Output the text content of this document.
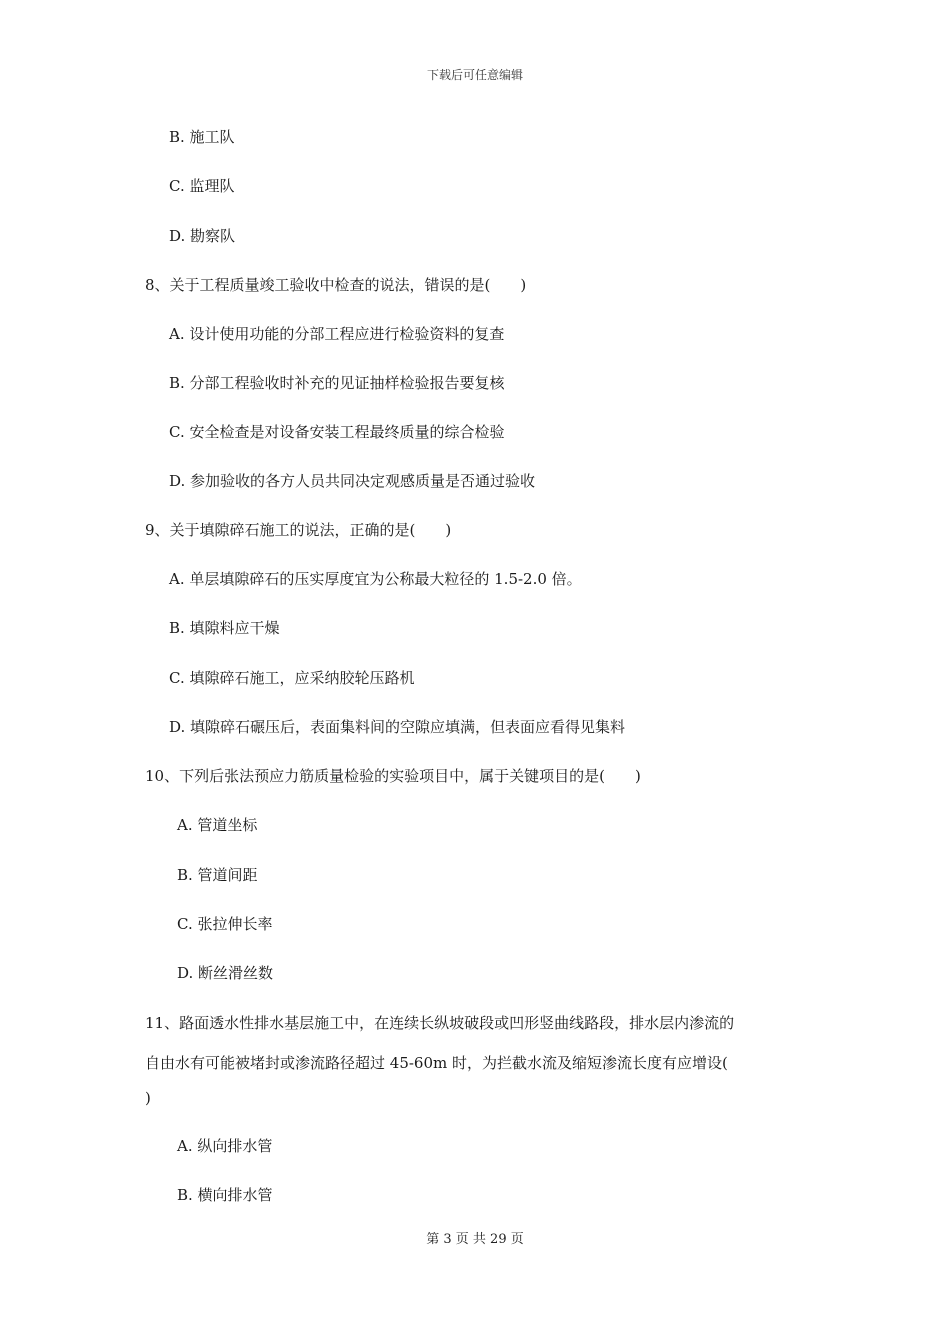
下载后可任意编辑
B. 施工队
C. 监理队
D. 勘察队
8、关于工程质量竣工验收中检查的说法，错误的是(　　)
A. 设计使用功能的分部工程应进行检验资料的复查
B. 分部工程验收时补充的见证抽样检验报告要复核
C. 安全检查是对设备安装工程最终质量的综合检验
D. 参加验收的各方人员共同决定观感质量是否通过验收
9、关于填隙碎石施工的说法，正确的是(　　)
A. 单层填隙碎石的压实厚度宜为公称最大粒径的 1.5-2.0 倍。
B. 填隙料应干燥
C. 填隙碎石施工，应采纳胶轮压路机
D. 填隙碎石碾压后，表面集料间的空隙应填满，但表面应看得见集料
10、下列后张法预应力筋质量检验的实验项目中，属于关键项目的是(　　)
A. 管道坐标
B. 管道间距
C. 张拉伸长率
D. 断丝滑丝数
11、路面透水性排水基层施工中，在连续长纵坡破段或凹形竖曲线路段，排水层内渗流的
自由水有可能被堵封或渗流路径超过 45-60m 时，为拦截水流及缩短渗流长度有应增设(
)
A. 纵向排水管
B. 横向排水管
第 3 页 共 29 页
